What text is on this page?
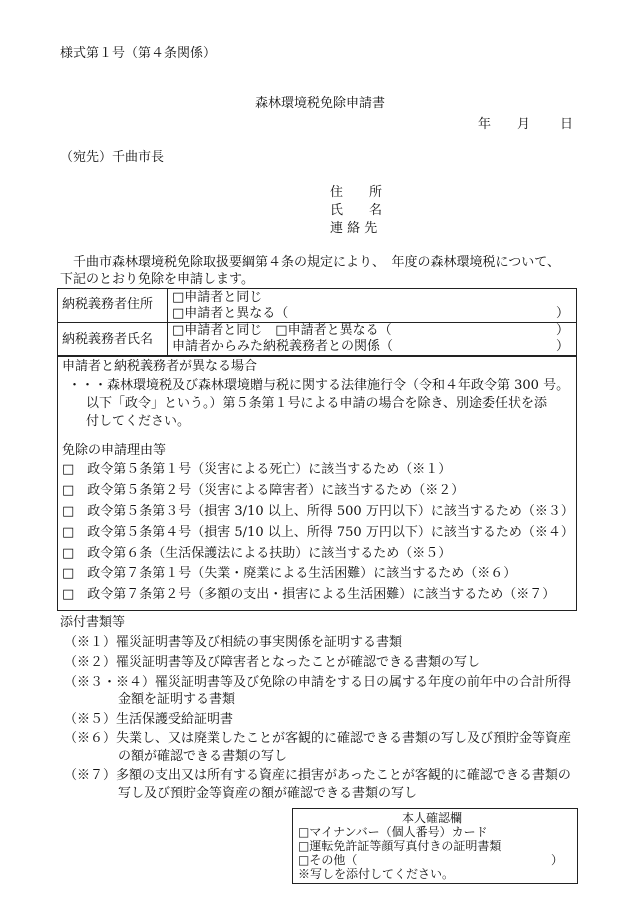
様式第１号（第４条関係）
森林環境税免除申請書
年 月 日
（宛先）千曲市長
住　　所
氏　　名
連 絡 先
　千曲市森林環境税免除取扱要綱第４条の規定により、　年度の森林環境税について、
下記のとおり免除を申請します。
納税義務者住所 □申請者と同じ
□申請者と異なる（	）
納税義務者氏名
□申請者と同じ　□申請者と異なる（	）
申請者からみた納税義務者との関係（	）
申請者と納税義務者が異なる場合
・・・森林環境税及び森林環境贈与税に関する法律施行令（令和４年政令第 300 号。
以下「政令」という。）第５条第１号による申請の場合を除き、別途委任状を添
付してください。
免除の申請理由等
□　政令第５条第１号（災害による死亡）に該当するため（※１）
□　政令第５条第２号（災害による障害者）に該当するため（※２）
□　政令第５条第３号（損害 3/10 以上、所得 500 万円以下）に該当するため（※３）
□　政令第５条第４号（損害 5/10 以上、所得 750 万円以下）に該当するため（※４）
□　政令第６条（生活保護法による扶助）に該当するため（※５）
□　政令第７条第１号（失業・廃業による生活困難）に該当するため（※６）
□　政令第７条第２号（多額の支出・損害による生活困難）に該当するため（※７）
添付書類等
（※１）罹災証明書等及び相続の事実関係を証明する書類
（※２）罹災証明書等及び障害者となったことが確認できる書類の写し
（※３・※４）罹災証明書等及び免除の申請をする日の属する年度の前年中の合計所得
金額を証明する書類
（※５）生活保護受給証明書
（※６）失業し、又は廃業したことが客観的に確認できる書類の写し及び預貯金等資産
の額が確認できる書類の写し
（※７）多額の支出又は所有する資産に損害があったことが客観的に確認できる書類の
写し及び預貯金等資産の額が確認できる書類の写し
本人確認欄
□マイナンバー（個人番号）カード
□運転免許証等顔写真付きの証明書類
□その他（	）
※写しを添付してください。
